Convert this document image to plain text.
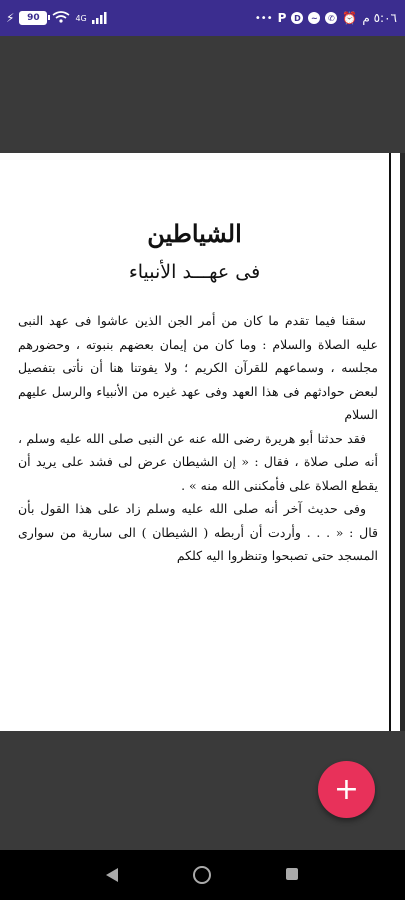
⚡ 90	4G	••• P D	~	✆ ⏰ ٥:٠٦ م
الشياطين
فى عهـــد الأنبياء

سقنا فيما تقدم ما كان من أمر الجن الذين عاشوا فى عهد النبى عليه الصلاة والسلام : وما كان من إيمان بعضهم بنبوته ، وحضورهم مجلسه ، وسماعهم للقرآن الكريم ؛ ولا يفوتنا هنا أن نأتى بتفصيل لبعض حوادثهم فى هذا العهد وفى عهد غيره من الأنبياء والرسل عليهم السلام

فقد حدثنا أبو هريرة رضى الله عنه عن النبى صلى الله عليه وسلم ، أنه صلى صلاة ، فقال : « إن الشيطان عرض لى فشد على يريد أن يقطع الصلاة على فأمكننى الله منه » .

وفى حديث آخر أنه صلى الله عليه وسلم زاد على هذا القول بأن قال : « . . . وأردت أن أربطه ( الشيطان ) الى سارية من سوارى المسجد حتى تصبحوا وتنظروا اليه كلكم

+
